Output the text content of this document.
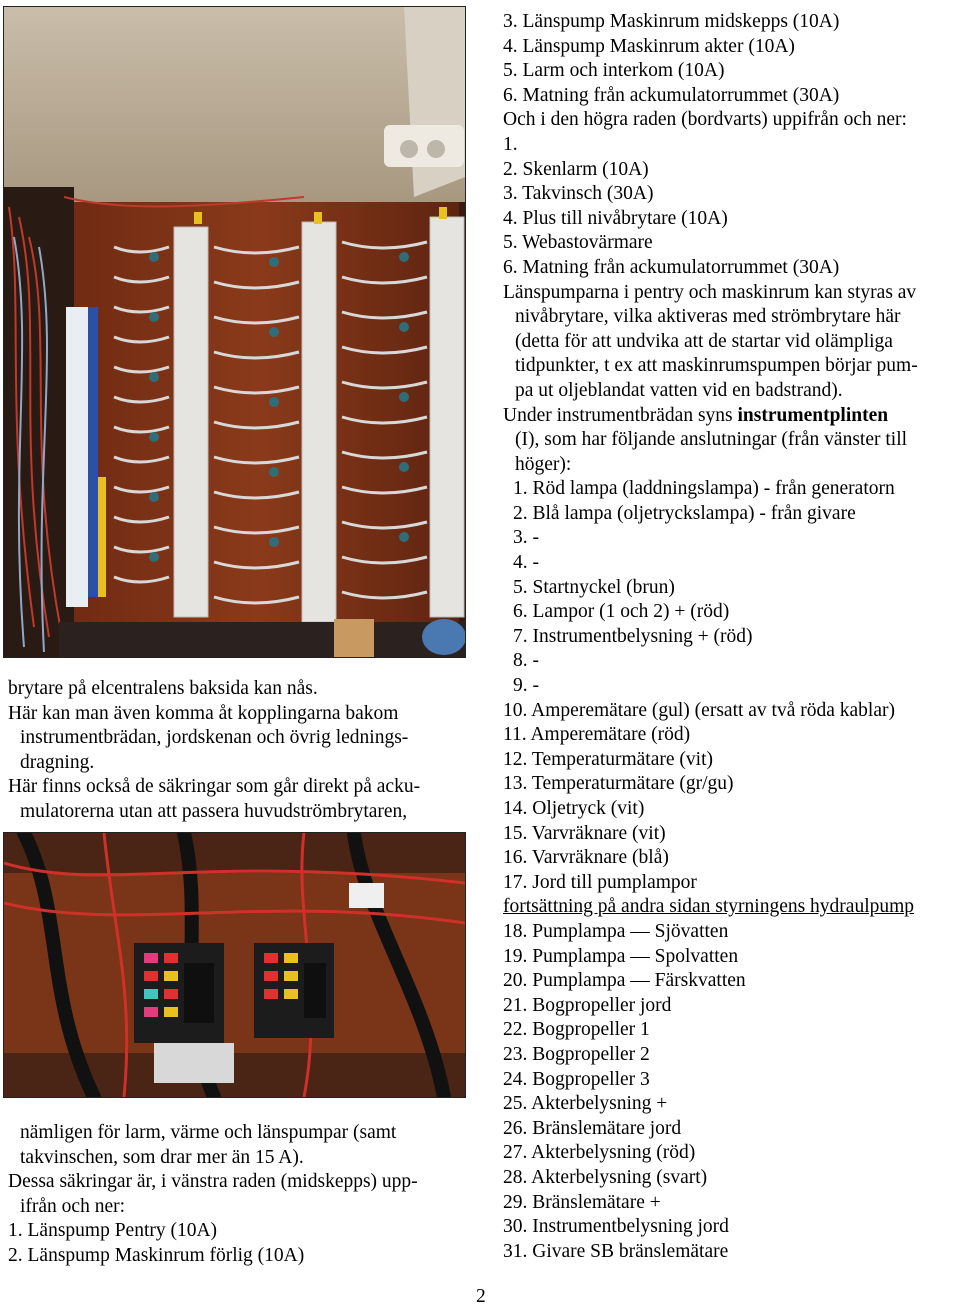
brytare på elcentralens baksida kan nås.

Här kan man även komma åt kopplingarna bakom

instrumentbrädan, jordskenan och övrig lednings-

dragning.

Här finns också de säkringar som går direkt på acku-

mulatorerna utan att passera huvudströmbrytaren,

nämligen för larm, värme och länspumpar (samt

takvinschen, som drar mer än 15 A).

Dessa säkringar är, i vänstra raden (midskepps) upp-

ifrån och ner:

1. Länspump Pentry (10A)

2. Länspump Maskinrum förlig (10A)

3. Länspump Maskinrum midskepps (10A)

4. Länspump Maskinrum akter (10A)

5. Larm och interkom (10A)

6. Matning från ackumulatorrummet (30A)

Och i den högra raden (bordvarts) uppifrån och ner:

1.

2. Skenlarm (10A)

3. Takvinsch (30A)

4. Plus till nivåbrytare (10A)

5. Webastovärmare

6. Matning från ackumulatorrummet (30A)

Länspumparna i pentry och maskinrum kan styras av

nivåbrytare, vilka aktiveras med strömbrytare här

(detta för att undvika att de startar vid olämpliga

tidpunkter, t ex att maskinrumspumpen börjar pum-

pa ut oljeblandat vatten vid en badstrand).

Under instrumentbrädan syns instrumentplinten

(I), som har följande anslutningar (från vänster till

höger):

1. Röd lampa (laddningslampa) - från generatorn

2. Blå lampa (oljetryckslampa) - från givare

3. -

4. -

5. Startnyckel (brun)

6. Lampor (1 och 2) + (röd)

7. Instrumentbelysning + (röd)

8. -

9. -

10. Amperemätare (gul) (ersatt av två röda kablar)

11. Amperemätare (röd)

12. Temperaturmätare (vit)

13. Temperaturmätare (gr/gu)

14. Oljetryck (vit)

15. Varvräknare (vit)

16. Varvräknare (blå)

17. Jord till pumplampor

fortsättning på andra sidan styrningens hydraulpump

18. Pumplampa — Sjövatten

19. Pumplampa — Spolvatten

20. Pumplampa — Färskvatten

21. Bogpropeller jord

22. Bogpropeller 1

23. Bogpropeller 2

24. Bogpropeller 3

25. Akterbelysning +

26. Bränslemätare jord

27. Akterbelysning (röd)

28. Akterbelysning (svart)

29. Bränslemätare +

30. Instrumentbelysning jord

31. Givare SB bränslemätare

2
